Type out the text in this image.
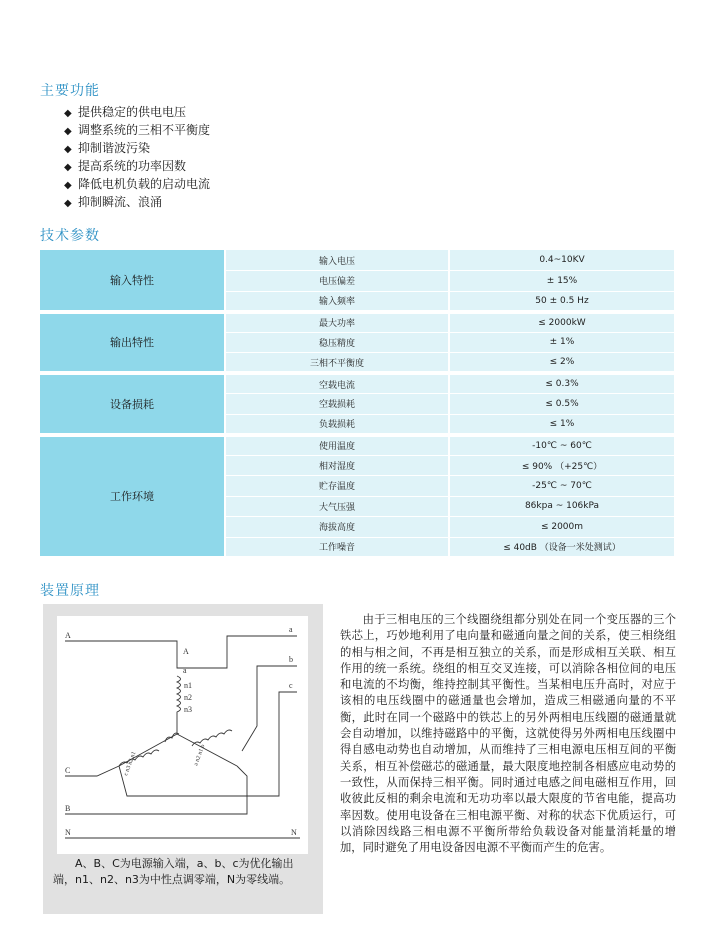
主要功能
◆ 提供稳定的供电电压
◆ 调整系统的三相不平衡度
◆ 抑制谐波污染
◆ 提高系统的功率因数
◆ 降低电机负载的启动电流
◆ 抑制瞬流、浪涌
技术参数
输入特性	输入电压	0.4~10KV
	电压偏差	± 15%
	输入频率	50 ± 0.5 Hz
输出特性	最大功率	≤ 2000kW
	稳压精度	± 1%
	三相不平衡度	≤ 2%
设备损耗	空载电流	≤ 0.3%
	空载损耗	≤ 0.5%
	负载损耗	≤ 1%
工作环境	使用温度	-10℃ ~ 60℃
	相对湿度	≤ 90% （+25℃）
	贮存温度	-25℃ ~ 70℃
	大气压强	86kpa ~ 106kPa
	海拔高度	≤ 2000m
	工作噪音	≤ 40dB （设备一米处测试）
装置原理
A
C
B
N	N
a
b
c
A
a
n1
n2
n3
c n3 n2 n1	a n2 n1 b

A、B、C为电源输入端，a、b、c为优化输出端，n1、n2、n3为中性点调零端，N为零线端。

由于三相电压的三个线圈绕组都分别处在同一个变压器的三个铁芯上，巧妙地利用了电向量和磁通向量之间的关系，使三相绕组的相与相之间，不再是相互独立的关系，而是形成相互关联、相互作用的统一系统。绕组的相互交叉连接，可以消除各相位间的电压和电流的不均衡，维持控制其平衡性。当某相电压升高时，对应于该相的电压线圈中的磁通量也会增加，造成三相磁通向量的不平衡，此时在同一个磁路中的铁芯上的另外两相电压线圈的磁通量就会自动增加，以维持磁路中的平衡，这就使得另外两相电压线圈中得自感电动势也自动增加，从而维持了三相电源电压相互间的平衡关系，相互补偿磁芯的磁通量，最大限度地控制各相感应电动势的一致性，从而保持三相平衡。同时通过电感之间电磁相互作用，回收彼此反相的剩余电流和无功功率以最大限度的节省电能，提高功率因数。使用电设备在三相电源平衡、对称的状态下优质运行，可以消除因线路三相电源不平衡所带给负载设备对能量消耗量的增加，同时避免了用电设备因电源不平衡而产生的危害。
